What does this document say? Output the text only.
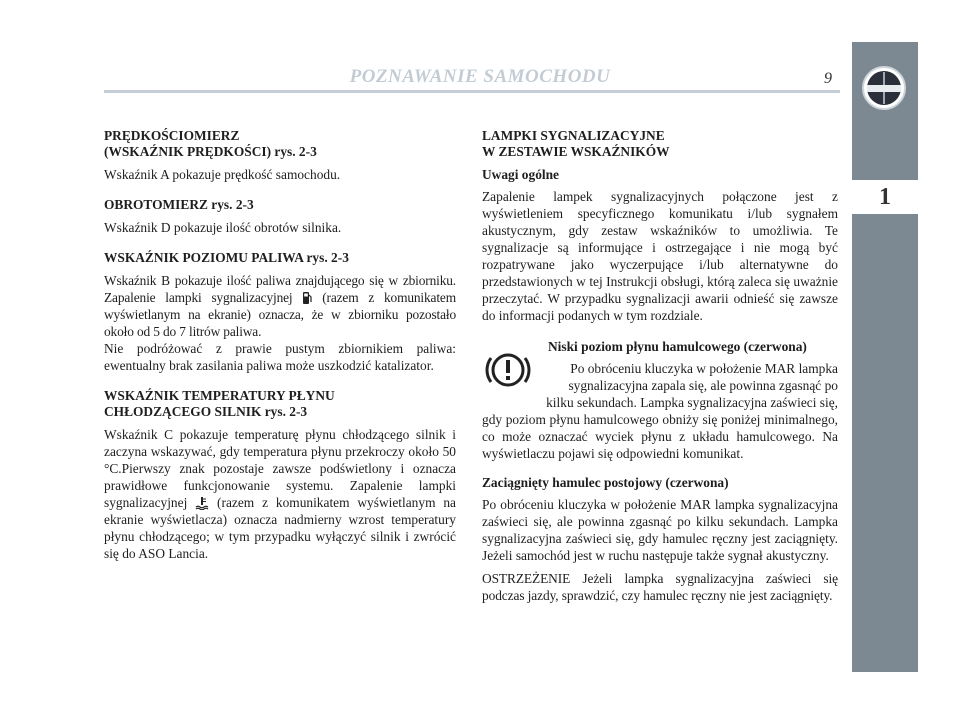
POZNAWANIE SAMOCHODU	9
1
PRĘDKOŚCIOMIERZ
(WSKAŹNIK PRĘDKOŚCI) rys. 2-3

Wskaźnik A pokazuje prędkość samochodu.

OBROTOMIERZ rys. 2-3

Wskaźnik D pokazuje ilość obrotów silnika.

WSKAŹNIK POZIOMU PALIWA rys. 2-3

Wskaźnik B pokazuje ilość paliwa znajdującego się w zbiorniku. Zapalenie lampki sygnalizacyjnej (razem z komunikatem wyświetlanym na ekranie) oznacza, że w zbiorniku pozostało około od 5 do 7 litrów paliwa.

Nie podróżować z prawie pustym zbiornikiem paliwa: ewentualny brak zasilania paliwa może uszkodzić katalizator.

WSKAŹNIK TEMPERATURY PŁYNU
CHŁODZĄCEGO SILNIK rys. 2-3

Wskaźnik C pokazuje temperaturę płynu chłodzącego silnik i zaczyna wskazywać, gdy temperatura płynu przekroczy około 50 °C.Pierwszy znak pozostaje zawsze podświetlony i oznacza prawidłowe funkcjonowanie systemu. Zapalenie lampki sygnalizacyjnej (razem z komunikatem wyświetlanym na ekranie wyświetlacza) oznacza nadmierny wzrost temperatury płynu chłodzącego; w tym przypadku wyłączyć silnik i zwrócić się do ASO Lancia.

LAMPKI SYGNALIZACYJNE
W ZESTAWIE WSKAŹNIKÓW
Uwagi ogólne

Zapalenie lampek sygnalizacyjnych połączone jest z wyświetleniem specyficznego komunikatu i/lub sygnałem akustycznym, gdy zestaw wskaźników to umożliwia. Te sygnalizacje są informujące i ostrzegające i nie mogą być rozpatrywane jako wyczerpujące i/lub alternatywne do przedstawionych w tej Instrukcji obsługi, którą zaleca się uważnie przeczytać. W przypadku sygnalizacji awarii odnieść się zawsze do informacji podanych w tym rozdziale.

Niski poziom płynu hamulcowego (czerwona)

Po obróceniu kluczyka w położenie MAR lampka sygnalizacyjna zapala się, ale powinna zgasnąć po kilku sekundach. Lampka sygnalizacyjna zaświeci się,

gdy poziom płynu hamulcowego obniży się poniżej minimalnego, co może oznaczać wyciek płynu z układu hamulcowego. Na wyświetlaczu pojawi się odpowiedni komunikat.

Zaciągnięty hamulec postojowy (czerwona)

Po obróceniu kluczyka w położenie MAR lampka sygnalizacyjna zaświeci się, ale powinna zgasnąć po kilku sekundach. Lampka sygnalizacyjna zaświeci się, gdy hamulec ręczny jest zaciągnięty. Jeżeli samochód jest w ruchu następuje także sygnał akustyczny.

OSTRZEŻENIE Jeżeli lampka sygnalizacyjna zaświeci się podczas jazdy, sprawdzić, czy hamulec ręczny nie jest zaciągnięty.
